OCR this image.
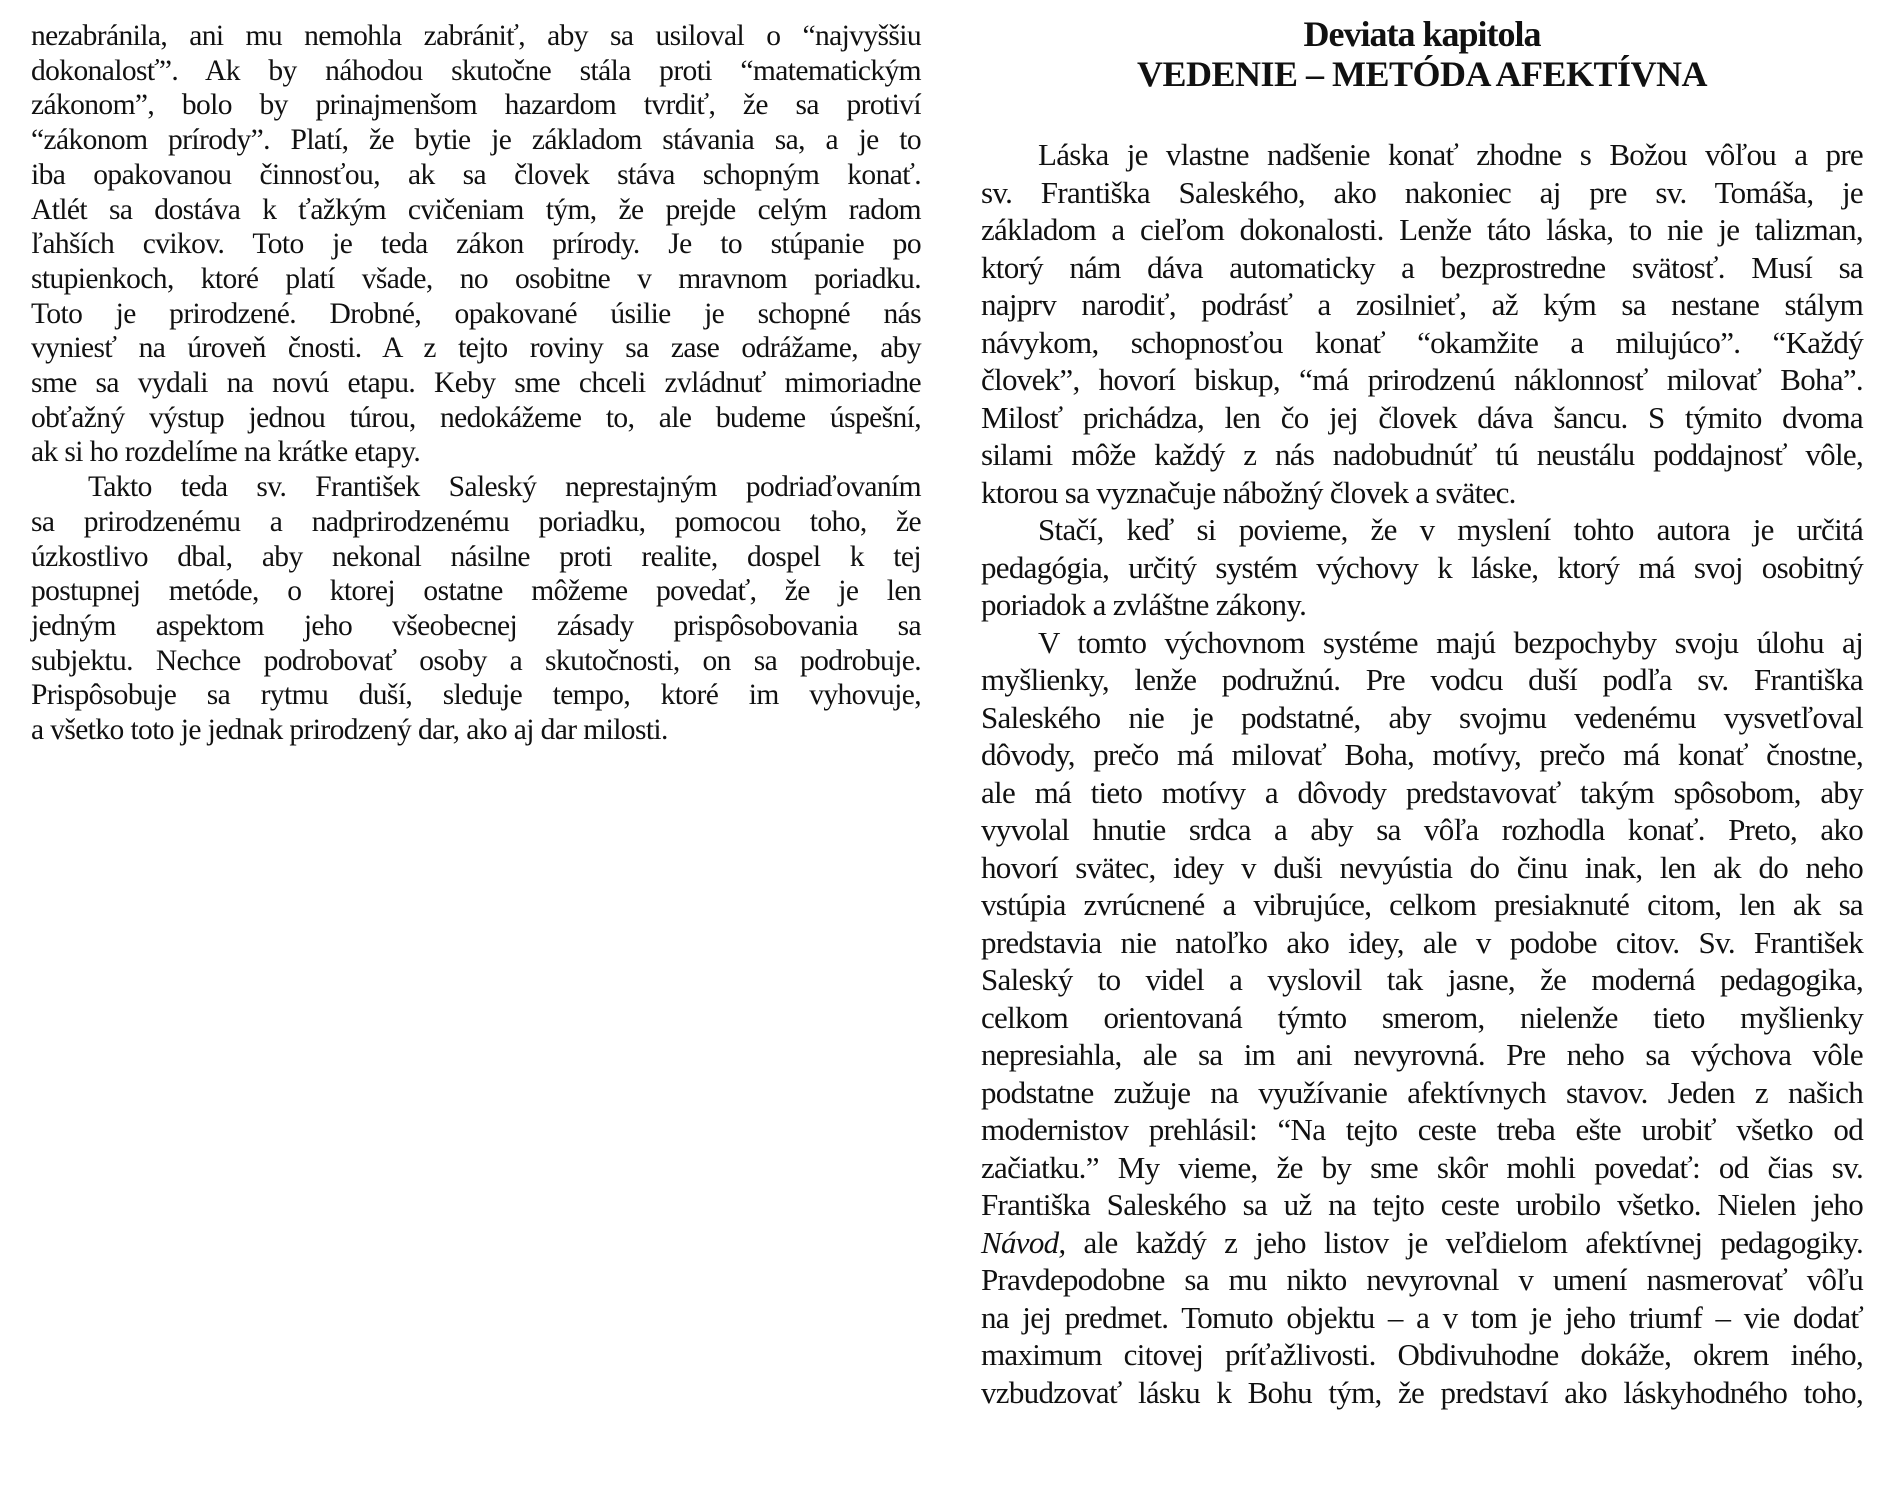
nezabránila, ani mu nemohla zabrániť, aby sa usiloval o “najvyššiu
dokonalosť”. Ak by náhodou skutočne stála proti “matematickým
zákonom”, bolo by prinajmenšom hazardom tvrdiť, že sa protiví
“zákonom prírody”. Platí, že bytie je základom stávania sa, a je to
iba opakovanou činnosťou, ak sa človek stáva schopným konať.
Atlét sa dostáva k ťažkým cvičeniam tým, že prejde celým radom
ľahších cvikov. Toto je teda zákon prírody. Je to stúpanie po
stupienkoch, ktoré platí všade, no osobitne v mravnom poriadku.
Toto je prirodzené. Drobné, opakované úsilie je schopné nás
vyniesť na úroveň čnosti. A z tejto roviny sa zase odrážame, aby
sme sa vydali na novú etapu. Keby sme chceli zvládnuť mimoriadne
obťažný výstup jednou túrou, nedokážeme to, ale budeme úspešní,
ak si ho rozdelíme na krátke etapy.

Takto teda sv. František Saleský neprestajným podriaďovaním
sa prirodzenému a nadprirodzenému poriadku, pomocou toho, že
úzkostlivo dbal, aby nekonal násilne proti realite, dospel k tej
postupnej metóde, o ktorej ostatne môžeme povedať, že je len
jedným aspektom jeho všeobecnej zásady prispôsobovania sa
subjektu. Nechce podrobovať osoby a skutočnosti, on sa podrobuje.
Prispôsobuje sa rytmu duší, sleduje tempo, ktoré im vyhovuje,
a všetko toto je jednak prirodzený dar, ako aj dar milosti.

Deviata kapitola
VEDENIE – METÓDA AFEKTÍVNA

Láska je vlastne nadšenie konať zhodne s Božou vôľou a pre
sv. Františka Saleského, ako nakoniec aj pre sv. Tomáša, je
základom a cieľom dokonalosti. Lenže táto láska, to nie je talizman,
ktorý nám dáva automaticky a bezprostredne svätosť. Musí sa
najprv narodiť, podrásť a zosilnieť, až kým sa nestane stálym
návykom, schopnosťou konať “okamžite a milujúco”. “Každý
človek”, hovorí biskup, “má prirodzenú náklonnosť milovať Boha”.
Milosť prichádza, len čo jej človek dáva šancu. S týmito dvoma
silami môže každý z nás nadobudnúť tú neustálu poddajnosť vôle,
ktorou sa vyznačuje nábožný človek a svätec.

Stačí, keď si povieme, že v myslení tohto autora je určitá
pedagógia, určitý systém výchovy k láske, ktorý má svoj osobitný
poriadok a zvláštne zákony.

V tomto výchovnom systéme majú bezpochyby svoju úlohu aj
myšlienky, lenže podružnú. Pre vodcu duší podľa sv. Františka
Saleského nie je podstatné, aby svojmu vedenému vysvetľoval
dôvody, prečo má milovať Boha, motívy, prečo má konať čnostne,
ale má tieto motívy a dôvody predstavovať takým spôsobom, aby
vyvolal hnutie srdca a aby sa vôľa rozhodla konať. Preto, ako
hovorí svätec, idey v duši nevyústia do činu inak, len ak do neho
vstúpia zvrúcnené a vibrujúce, celkom presiaknuté citom, len ak sa
predstavia nie natoľko ako idey, ale v podobe citov. Sv. František
Saleský to videl a vyslovil tak jasne, že moderná pedagogika,
celkom orientovaná týmto smerom, nielenže tieto myšlienky
nepresiahla, ale sa im ani nevyrovná. Pre neho sa výchova vôle
podstatne zužuje na využívanie afektívnych stavov. Jeden z našich
modernistov prehlásil: “Na tejto ceste treba ešte urobiť všetko od
začiatku.” My vieme, že by sme skôr mohli povedať: od čias sv.
Františka Saleského sa už na tejto ceste urobilo všetko. Nielen jeho
Návod, ale každý z jeho listov je veľdielom afektívnej pedagogiky.
Pravdepodobne sa mu nikto nevyrovnal v umení nasmerovať vôľu
na jej predmet. Tomuto objektu – a v tom je jeho triumf – vie dodať
maximum citovej príťažlivosti. Obdivuhodne dokáže, okrem iného,
vzbudzovať lásku k Bohu tým, že predstaví ako láskyhodného toho,
